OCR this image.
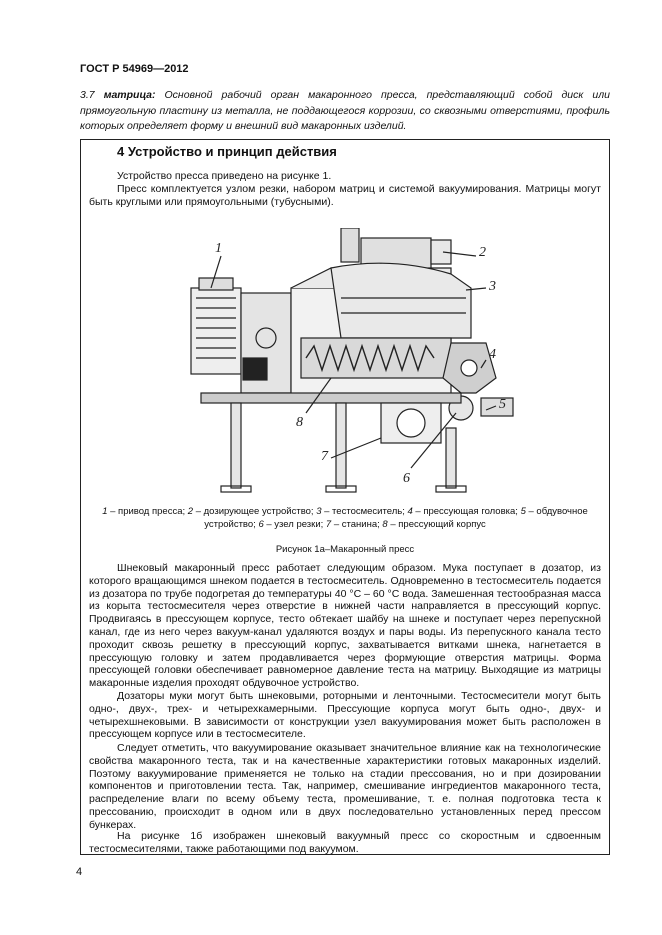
ГОСТ Р 54969—2012
3.7 матрица: Основной рабочий орган макаронного пресса, представляющий собой диск или прямоугольную пластину из металла, не поддающегося коррозии, со сквозными отверстиями, профиль которых определяет форму и внешний вид макаронных изделий.
4 Устройство и принцип действия
Устройство пресса приведено на рисунке 1.
Пресс комплектуется узлом резки, набором матриц и системой вакуумирования. Матрицы могут быть круглыми или прямоугольными (тубусными).
1	2
3
4
5
6
7
8
1 – привод пресса; 2 – дозирующее устройство; 3 – тестосмеситель; 4 – прессующая головка; 5 – обдувочное устройство; 6 – узел резки; 7 – станина; 8 – прессующий корпус
Рисунок 1а–Макаронный пресс
Шнековый макаронный пресс работает следующим образом. Мука поступает в дозатор, из которого вращающимся шнеком подается в тестосмеситель. Одновременно в тестосмеситель подается из дозатора по трубе подогретая до температуры 40 °С – 60 °С вода. Замешенная тестообразная масса из корыта тестосмесителя через отверстие в нижней части направляется в прессующий корпус. Продвигаясь в прессующем корпусе, тесто обтекает шайбу на шнеке и поступает через перепускной канал, где из него через вакуум-канал удаляются воздух и пары воды. Из перепускного канала тесто проходит сквозь решетку в прессующий корпус, захватывается витками шнека, нагнетается в прессующую головку и затем продавливается через формующие отверстия матрицы. Форма прессующей головки обеспечивает равномерное давление теста на матрицу. Выходящие из матрицы макаронные изделия проходят обдувочное устройство.
Дозаторы муки могут быть шнековыми, роторными и ленточными. Тестосмесители могут быть одно-, двух-, трех- и четырехкамерными. Прессующие корпуса могут быть одно-, двух- и четырехшнековыми. В зависимости от конструкции узел вакуумирования может быть расположен в прессующем корпусе или в тестосмесителе.
Следует отметить, что вакуумирование оказывает значительное влияние как на технологические свойства макаронного теста, так и на качественные характеристики готовых макаронных изделий. Поэтому вакуумирование применяется не только на стадии прессования, но и при дозировании компонентов и приготовлении теста. Так, например, смешивание ингредиентов макаронного теста, распределение влаги по всему объему теста, промешивание, т. е. полная подготовка теста к прессованию, происходит в одном или в двух последовательно установленных перед прессом бункерах.
На рисунке 1б изображен шнековый вакуумный пресс со скоростным и сдвоенным тестосмесителями, также работающими под вакуумом.
4
